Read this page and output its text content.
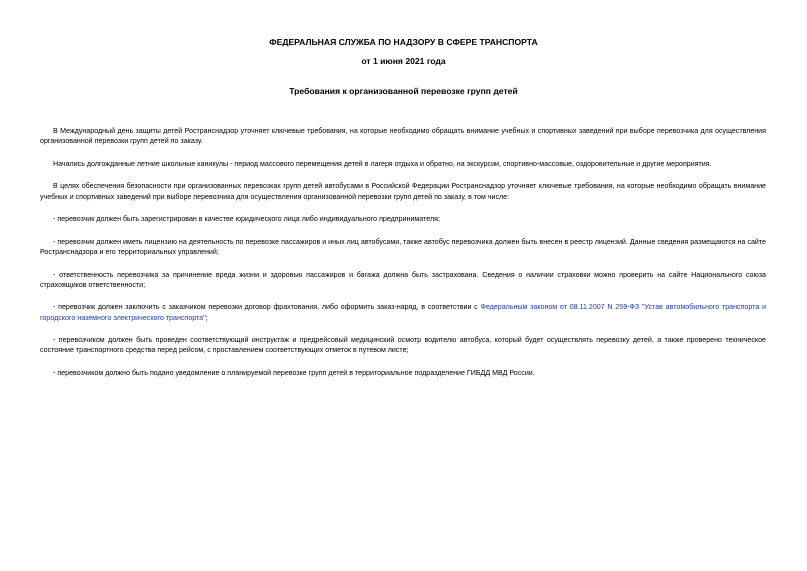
ФЕДЕРАЛЬНАЯ СЛУЖБА ПО НАДЗОРУ В СФЕРЕ ТРАНСПОРТА
от 1 июня 2021 года
Требования к организованной перевозке групп детей

В Международный день защиты детей Ространснадзор уточняет ключевые требования, на которые необходимо обращать внимание учебных и спортивных заведений при выборе перевозчика для осуществления организованной перевозки групп детей по заказу.

Начались долгожданные летние школьные каникулы - период массового перемещения детей в лагеря отдыха и обратно, на экскурсии, спортивно-массовые, оздоровительные и другие мероприятия.

В целях обеспечения безопасности при организованных перевозках групп детей автобусами в Российской Федерации Ространснадзор уточняет ключевые требования, на которые необходимо обращать внимание учебных и спортивных заведений при выборе перевозчика для осуществления организованной перевозки групп детей по заказу, в том числе:

- перевозчик должен быть зарегистрирован в качестве юридического лица либо индивидуального предпринимателя;

- перевозчик должен иметь лицензию на деятельность по перевозке пассажиров и иных лиц автобусами, также автобус перевозчика должен быть внесен в реестр лицензий. Данные сведения размещаются на сайте Ространснадзора и его территориальных управлений;

- ответственность перевозчика за причинение вреда жизни и здоровью пассажиров и багажа должна быть застрахована. Сведения о наличии страховки можно проверить на сайте Национального союза страховщиков ответственности;

- перевозчик должен заключить с заказчиком перевозки договор фрахтования, либо оформить заказ-наряд, в соответствии с Федеральным законом от 08.11.2007 N 259-ФЗ "Устав автомобильного транспорта и городского наземного электрического транспорта";

- перевозчиком должен быть проведен соответствующий инструктаж и предрейсовый медицинский осмотр водителю автобуса, который будет осуществлять перевозку детей, а также проверено техническое состояние транспортного средства перед рейсом, с проставлением соответствующих отметок в путевом листе;

- перевозчиком должно быть подано уведомление о планируемой перевозке групп детей в территориальное подразделение ГИБДД МВД России.
